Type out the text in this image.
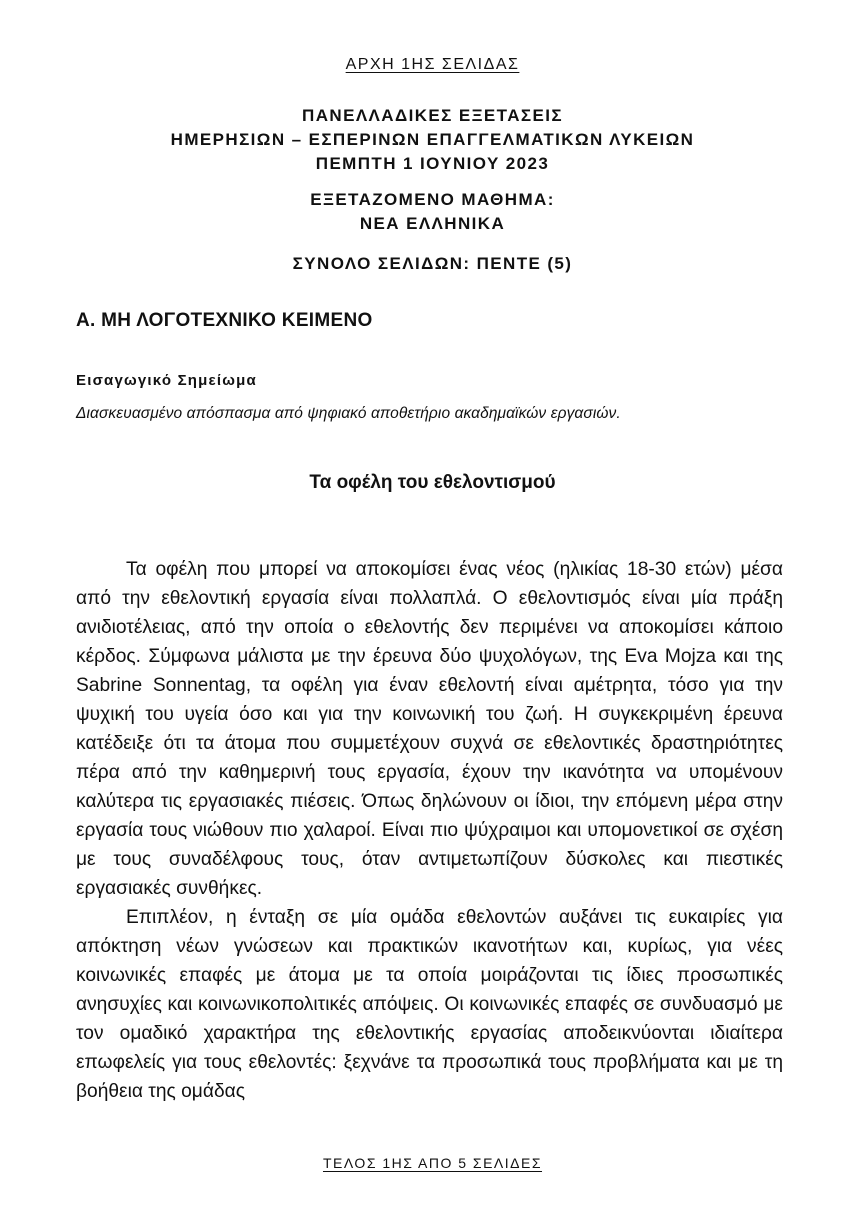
ΑΡΧΗ 1ΗΣ ΣΕΛΙΔΑΣ
ΠΑΝΕΛΛΑΔΙΚΕΣ ΕΞΕΤΑΣΕΙΣ
ΗΜΕΡΗΣΙΩΝ – ΕΣΠΕΡΙΝΩΝ ΕΠΑΓΓΕΛΜΑΤΙΚΩΝ ΛΥΚΕΙΩΝ
ΠΕΜΠΤΗ 1 ΙΟΥΝΙΟΥ 2023
ΕΞΕΤΑΖΟΜΕΝΟ ΜΑΘΗΜΑ:
ΝΕΑ ΕΛΛΗΝΙΚΑ
ΣΥΝΟΛΟ ΣΕΛΙΔΩΝ: ΠΕΝΤΕ (5)
Α. ΜΗ ΛΟΓΟΤΕΧΝΙΚΟ ΚΕΙΜΕΝΟ
Εισαγωγικό Σημείωμα
Διασκευασμένο απόσπασμα από ψηφιακό αποθετήριο ακαδημαϊκών εργασιών.
Τα οφέλη του εθελοντισμού

Τα οφέλη που μπορεί να αποκομίσει ένας νέος (ηλικίας 18-30 ετών) μέσα από την εθελοντική εργασία είναι πολλαπλά. Ο εθελοντισμός είναι μία πράξη ανιδιοτέλειας, από την οποία ο εθελοντής δεν περιμένει να αποκομίσει κάποιο κέρδος. Σύμφωνα μάλιστα με την έρευνα δύο ψυχολόγων, της Eva Mojza και της Sabrine Sonnentag, τα οφέλη για έναν εθελοντή είναι αμέτρητα, τόσο για την ψυχική του υγεία όσο και για την κοινωνική του ζωή. Η συγκεκριμένη έρευνα κατέδειξε ότι τα άτομα που συμμετέχουν συχνά σε εθελοντικές δραστηριότητες πέρα από την καθημερινή τους εργασία, έχουν την ικανότητα να υπομένουν καλύτερα τις εργασιακές πιέσεις. Όπως δηλώνουν οι ίδιοι, την επόμενη μέρα στην εργασία τους νιώθουν πιο χαλαροί. Είναι πιο ψύχραιμοι και υπομονετικοί σε σχέση με τους συναδέλφους τους, όταν αντιμετωπίζουν δύσκολες και πιεστικές εργασιακές συνθήκες.

Επιπλέον, η ένταξη σε μία ομάδα εθελοντών αυξάνει τις ευκαιρίες για απόκτηση νέων γνώσεων και πρακτικών ικανοτήτων και, κυρίως, για νέες κοινωνικές επαφές με άτομα με τα οποία μοιράζονται τις ίδιες προσωπικές ανησυχίες και κοινωνικοπολιτικές απόψεις. Οι κοινωνικές επαφές σε συνδυασμό με τον ομαδικό χαρακτήρα της εθελοντικής εργασίας αποδεικνύονται ιδιαίτερα επωφελείς για τους εθελοντές: ξεχνάνε τα προσωπικά τους προβλήματα και με τη βοήθεια της ομάδας

ΤΕΛΟΣ 1ΗΣ ΑΠΟ 5 ΣΕΛΙΔΕΣ
